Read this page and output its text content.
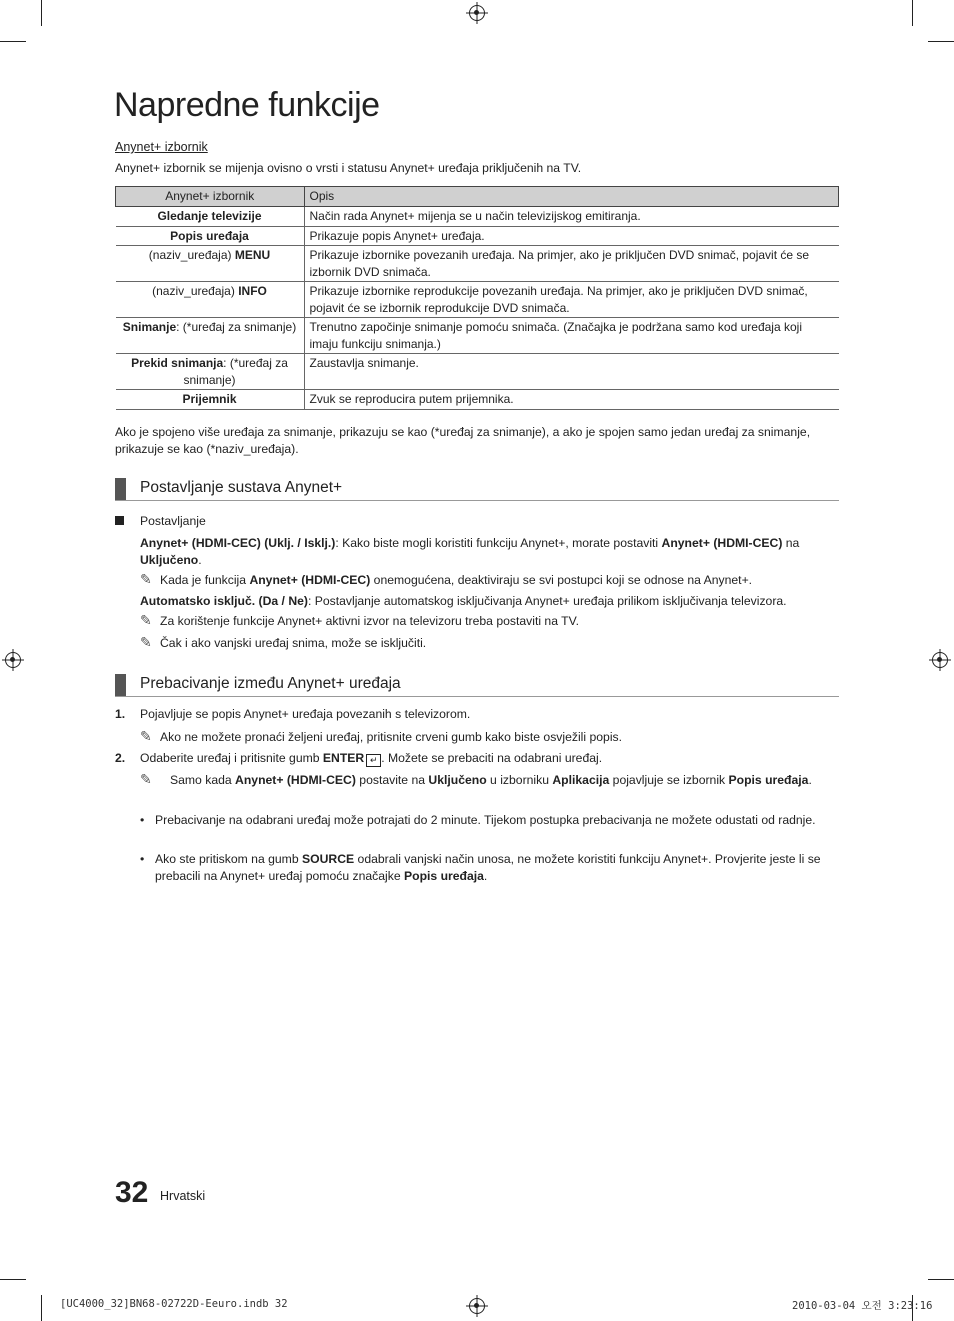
Napredne funkcije
Anynet+ izbornik
Anynet+ izbornik se mijenja ovisno o vrsti i statusu Anynet+ uređaja priključenih na TV.
Anynet+ izbornik	Opis
Gledanje televizije	Način rada Anynet+ mijenja se u način televizijskog emitiranja.
Popis uređaja	Prikazuje popis Anynet+ uređaja.
(naziv_uređaja) MENU	Prikazuje izbornike povezanih uređaja. Na primjer, ako je priključen DVD snimač, pojavit će se izbornik DVD snimača.
(naziv_uređaja) INFO	Prikazuje izbornike reprodukcije povezanih uređaja. Na primjer, ako je priključen DVD snimač, pojavit će se izbornik reprodukcije DVD snimača.
Snimanje: (*uređaj za snimanje)	Trenutno započinje snimanje pomoću snimača. (Značajka je podržana samo kod uređaja koji imaju funkciju snimanja.)
Prekid snimanja: (*uređaj za snimanje)	Zaustavlja snimanje.
Prijemnik	Zvuk se reproducira putem prijemnika.
Ako je spojeno više uređaja za snimanje, prikazuju se kao (*uređaj za snimanje), a ako je spojen samo jedan uređaj za snimanje, prikazuje se kao (*naziv_uređaja).
Postavljanje sustava Anynet+
Postavljanje
Anynet+ (HDMI-CEC) (Uklj. / Isklj.): Kako biste mogli koristiti funkciju Anynet+, morate postaviti Anynet+ (HDMI-CEC) na Uključeno.
✎ Kada je funkcija Anynet+ (HDMI-CEC) onemogućena, deaktiviraju se svi postupci koji se odnose na Anynet+.
Automatsko isključ. (Da / Ne): Postavljanje automatskog isključivanja Anynet+ uređaja prilikom isključivanja televizora.
✎ Za korištenje funkcije Anynet+ aktivni izvor na televizoru treba postaviti na TV.
✎ Čak i ako vanjski uređaj snima, može se isključiti.
Prebacivanje između Anynet+ uređaja
1. Pojavljuje se popis Anynet+ uređaja povezanih s televizorom.
✎ Ako ne možete pronaći željeni uređaj, pritisnite crveni gumb kako biste osvježili popis.
2. Odaberite uređaj i pritisnite gumb ENTER ↵ . Možete se prebaciti na odabrani uređaj.
✎ Samo kada Anynet+ (HDMI-CEC) postavite na Uključeno u izborniku Aplikacija pojavljuje se izbornik Popis uređaja.
• Prebacivanje na odabrani uređaj može potrajati do 2 minute. Tijekom postupka prebacivanja ne možete odustati od radnje.
• Ako ste pritiskom na gumb SOURCE odabrali vanjski način unosa, ne možete koristiti funkciju Anynet+. Provjerite jeste li se prebacili na Anynet+ uređaj pomoću značajke Popis uređaja.
32 Hrvatski
[UC4000_32]BN68-02722D-Eeuro.indb 32	2010-03-04 오전 3:23:16
